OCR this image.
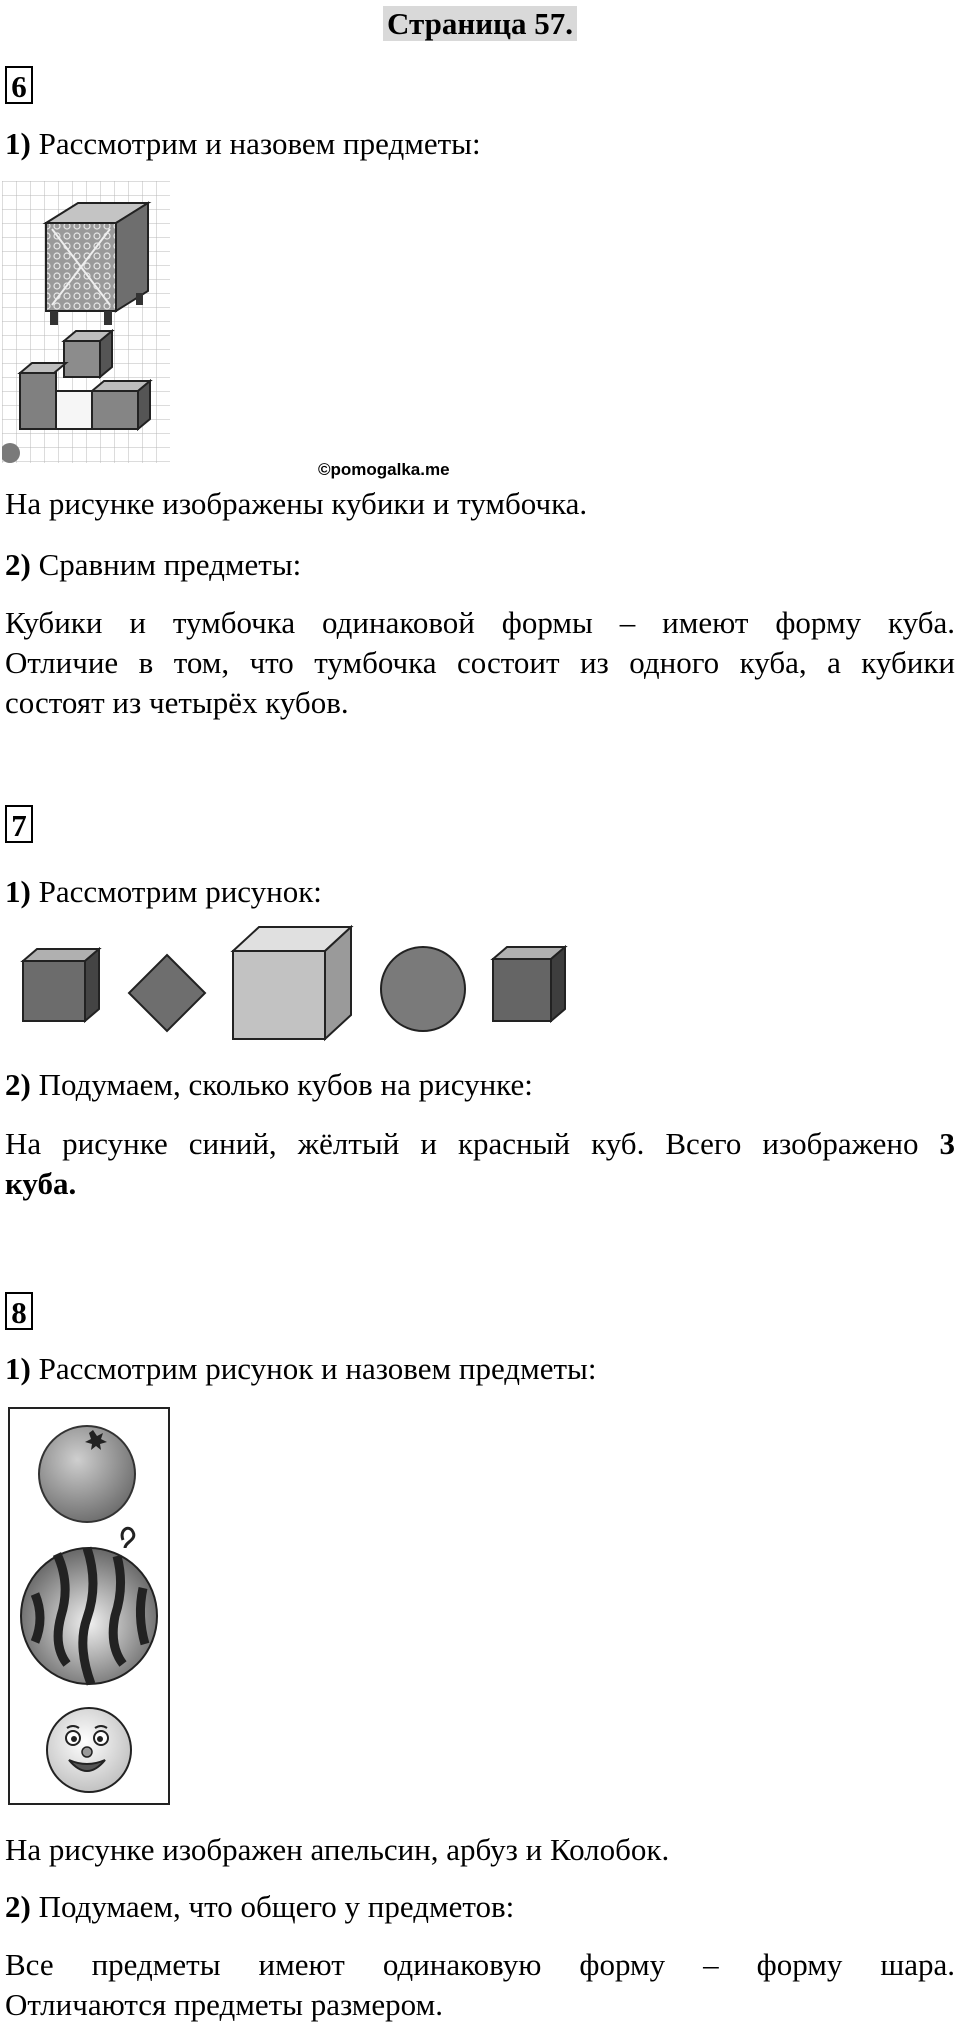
Страница 57.
6
1) Рассмотрим и назовем предметы:
©pomogalka.me
На рисунке изображены кубики и тумбочка.
2) Сравним предметы:
Кубики и тумбочка одинаковой формы – имеют форму куба.
Отличие в том, что тумбочка состоит из одного куба, а кубики
состоят из четырёх кубов.
7
1) Рассмотрим рисунок:
2) Подумаем, сколько кубов на рисунке:
На рисунке синий, жёлтый и красный куб. Всего изображено 3
куба.
8
1) Рассмотрим рисунок и назовем предметы:
На рисунке изображен апельсин, арбуз и Колобок.
2) Подумаем, что общего у предметов:
Все предметы имеют одинаковую форму – форму шара.
Отличаются предметы размером.
